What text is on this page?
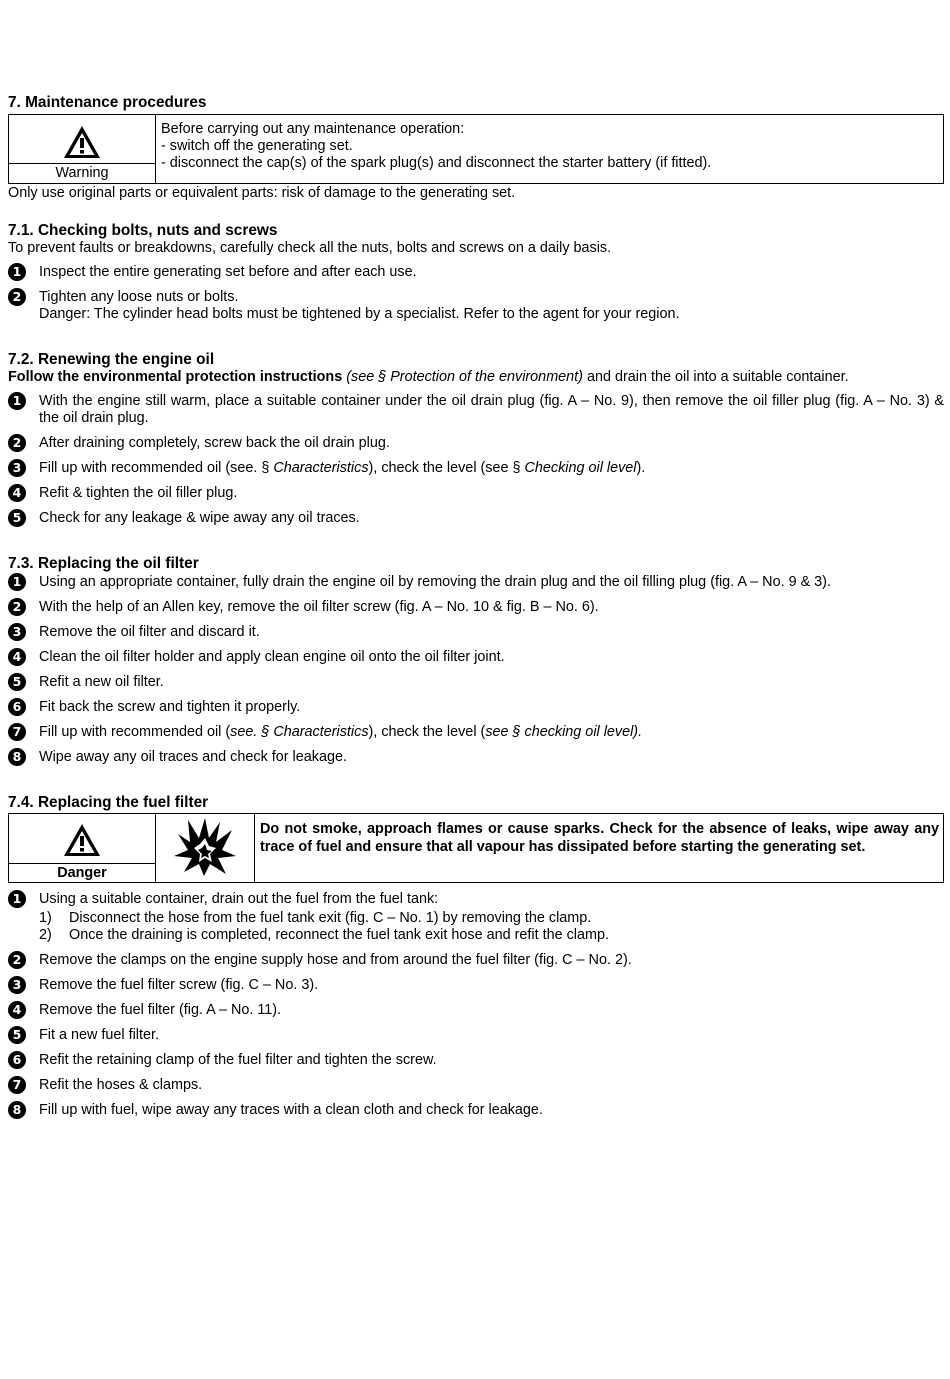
7. Maintenance procedures
Warning

Before carrying out any maintenance operation:

- switch off the generating set.

- disconnect the cap(s) of the spark plug(s) and disconnect the starter battery (if fitted).

Only use original parts or equivalent parts: risk of damage to the generating set.

7.1. Checking bolts, nuts and screws

To prevent faults or breakdowns, carefully check all the nuts, bolts and screws on a daily basis.

1	Inspect the entire generating set before and after each use.
2	Tighten any loose nuts or bolts.

Danger: The cylinder head bolts must be tightened by a specialist. Refer to the agent for your region.

7.2. Renewing the engine oil

Follow the environmental protection instructions (see § Protection of the environment) and drain the oil into a suitable container.

1	With the engine still warm, place a suitable container under the oil drain plug (fig. A – No. 9), then remove the oil filler plug (fig. A – No. 3) & the oil drain plug.
2	After draining completely, screw back the oil drain plug.
3	Fill up with recommended oil (see. § Characteristics), check the level (see § Checking oil level).
4	Refit & tighten the oil filler plug.
5	Check for any leakage & wipe away any oil traces.
7.3. Replacing the oil filter
1	Using an appropriate container, fully drain the engine oil by removing the drain plug and the oil filling plug (fig. A – No. 9 & 3).
2	With the help of an Allen key, remove the oil filter screw (fig. A – No. 10 & fig. B – No. 6).
3	Remove the oil filter and discard it.
4	Clean the oil filter holder and apply clean engine oil onto the oil filter joint.
5	Refit a new oil filter.
6	Fit back the screw and tighten it properly.
7	Fill up with recommended oil (see. § Characteristics), check the level (see § checking oil level).
8	Wipe away any oil traces and check for leakage.
7.4. Replacing the fuel filter
Danger
		Do not smoke, approach flames or cause sparks. Check for the absence of leaks, wipe away any trace of fuel and ensure that all vapour has dissipated before starting the generating set.
1	Using a suitable container, drain out the fuel from the fuel tank:

1) Disconnect the hose from the fuel tank exit (fig. C – No. 1) by removing the clamp.
2) Once the draining is completed, reconnect the fuel tank exit hose and refit the clamp.
2	Remove the clamps on the engine supply hose and from around the fuel filter (fig. C – No. 2).
3	Remove the fuel filter screw (fig. C – No. 3).
4	Remove the fuel filter (fig. A – No. 11).
5	Fit a new fuel filter.
6	Refit the retaining clamp of the fuel filter and tighten the screw.
7	Refit the hoses & clamps.
8	Fill up with fuel, wipe away any traces with a clean cloth and check for leakage.
